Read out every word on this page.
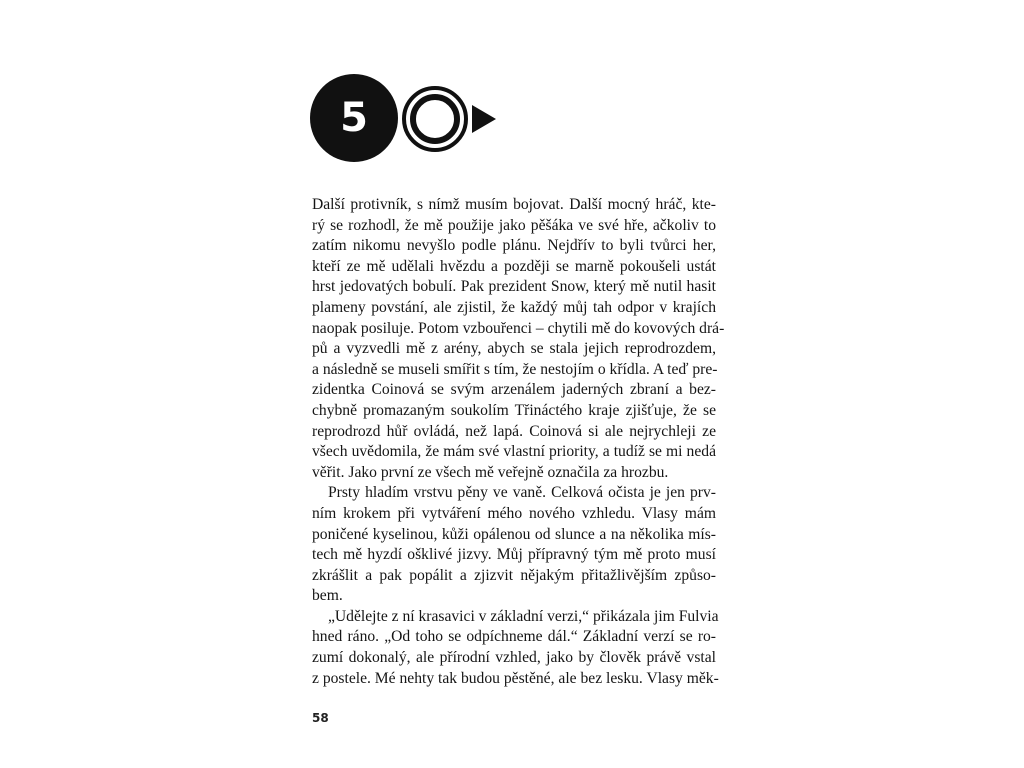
5
Další protivník, s nímž musím bojovat. Další mocný hráč, kte-
rý se rozhodl, že mě použije jako pěšáka ve své hře, ačkoliv to
zatím nikomu nevyšlo podle plánu. Nejdřív to byli tvůrci her,
kteří ze mě udělali hvězdu a později se marně pokoušeli ustát
hrst jedovatých bobulí. Pak prezident Snow, který mě nutil hasit
plameny povstání, ale zjistil, že každý můj tah odpor v krajích
naopak posiluje. Potom vzbouřenci – chytili mě do kovových drá-
pů a vyzvedli mě z arény, abych se stala jejich reprodrozdem,
a následně se museli smířit s tím, že nestojím o křídla. A teď pre-
zidentka Coinová se svým arzenálem jaderných zbraní a bez-
chybně promazaným soukolím Třináctého kraje zjišťuje, že se
reprodrozd hůř ovládá, než lapá. Coinová si ale nejrychleji ze
všech uvědomila, že mám své vlastní priority, a tudíž se mi nedá
věřit. Jako první ze všech mě veřejně označila za hrozbu.
Prsty hladím vrstvu pěny ve vaně. Celková očista je jen prv-
ním krokem při vytváření mého nového vzhledu. Vlasy mám
poničené kyselinou, kůži opálenou od slunce a na několika mís-
tech mě hyzdí ošklivé jizvy. Můj přípravný tým mě proto musí
zkrášlit a pak popálit a zjizvit nějakým přitažlivějším způso-
bem.
„Udělejte z ní krasavici v základní verzi,“ přikázala jim Fulvia
hned ráno. „Od toho se odpíchneme dál.“ Základní verzí se ro-
zumí dokonalý, ale přírodní vzhled, jako by člověk právě vstal
z postele. Mé nehty tak budou pěstěné, ale bez lesku. Vlasy měk-
58
